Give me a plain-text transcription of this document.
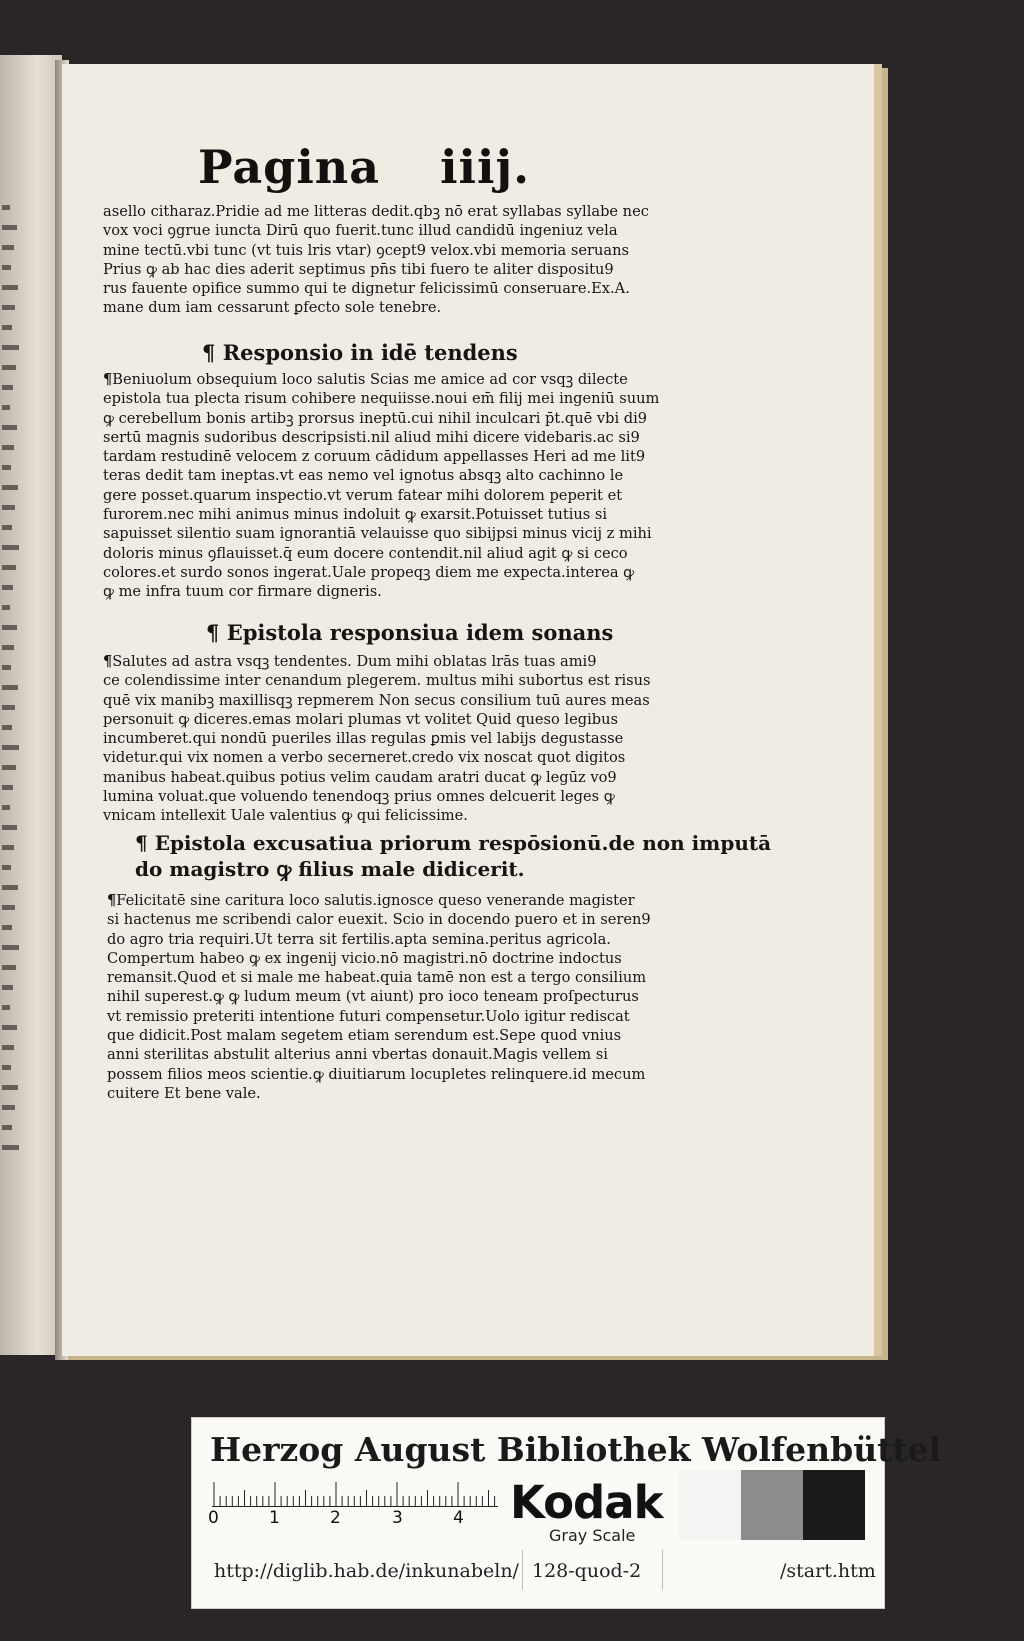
Pagina iiij.

asello citharaz.Pridie ad me litteras dedit.qbꝫ nō erat syllabas syllabe nec

vox voci ꝯgrue iuncta Dirū quo fuerit.tunc illud candidū ingeniuz vela

mine tectū.vbi tunc (vt tuis lris vtar) ꝯcept9 velox.vbi memoria seruans

Prius ꝙ ab hac dies aderit septimus pn̄s tibi fuero te aliter dispositu9

rus fauente opifice summo qui te dignetur felicissimū conseruare.Ex.A.

mane dum iam cessarunt ꝑfecto sole tenebre.

¶ Responsio in idē tendens

¶Beniuolum obsequium loco salutis Scias me amice ad cor vsqꝫ dilecte

epistola tua plecta risum cohibere nequiisse.noui em̄ filij mei ingeniū suum

ꝙ cerebellum bonis artibꝫ prorsus ineptū.cui nihil inculcari p̄t.quē vbi di9

sertū magnis sudoribus descripsisti.nil aliud mihi dicere videbaris.ac si9

tardam restudinē velocem z coruum cādidum appellasses Heri ad me lit9

teras dedit tam ineptas.vt eas nemo vel ignotus absqꝫ alto cachinno le

gere posset.quarum inspectio.vt verum fatear mihi dolorem peperit et

furorem.nec mihi animus minus indoluit ꝙ exarsit.Potuisset tutius si

sapuisset silentio suam ignorantiā velauisse quo sibijpsi minus vicij z mihi

doloris minus ꝯflauisset.q̄ eum docere contendit.nil aliud agit ꝙ si ceco

colores.et surdo sonos ingerat.Uale propeqꝫ diem me expecta.interea ꝙ

ꝙ me infra tuum cor firmare digneris.

¶ Epistola responsiua idem sonans

¶Salutes ad astra vsqꝫ tendentes. Dum mihi oblatas lrās tuas ami9

ce colendissime inter cenandum plegerem. multus mihi subortus est risus

quē vix manibꝫ maxillisqꝫ repmerem Non secus consilium tuū aures meas

personuit ꝙ diceres.emas molari plumas vt volitet Quid queso legibus

incumberet.qui nondū pueriles illas regulas ꝑmis vel labijs degustasse

videtur.qui vix nomen a verbo secerneret.credo vix noscat quot digitos

manibus habeat.quibus potius velim caudam aratri ducat ꝙ legūz vo9

lumina voluat.que voluendo tenendoqꝫ prius omnes delcuerit leges ꝙ

vnicam intellexit Uale valentius ꝙ qui felicissime.

¶ Epistola excusatiua priorum respōsionū.de non imputā

do magistro ꝙ filius male didicerit.

¶Felicitatē sine caritura loco salutis.ignosce queso venerande magister

si hactenus me scribendi calor euexit. Scio in docendo puero et in seren9

do agro tria requiri.Ut terra sit fertilis.apta semina.peritus agricola.

Compertum habeo ꝙ ex ingenij vicio.nō magistri.nō doctrine indoctus

remansit.Quod et si male me habeat.quia tamē non est a tergo consilium

nihil superest.ꝙ ꝙ ludum meum (vt aiunt) pro ioco teneam proſpecturus

vt remissio preteriti intentione futuri compensetur.Uolo igitur rediscat

que didicit.Post malam segetem etiam serendum est.Sepe quod vnius

anni sterilitas abstulit alterius anni vbertas donauit.Magis vellem si

possem filios meos scientie.ꝙ diuitiarum locupletes relinquere.id mecum

cuitere Et bene vale.

Herzog August Bibliothek Wolfenbüttel
0	1	2	3	4 Kodak
Gray Scale
http://diglib.hab.de/inkunabeln/ 128-quod-2	/start.htm
